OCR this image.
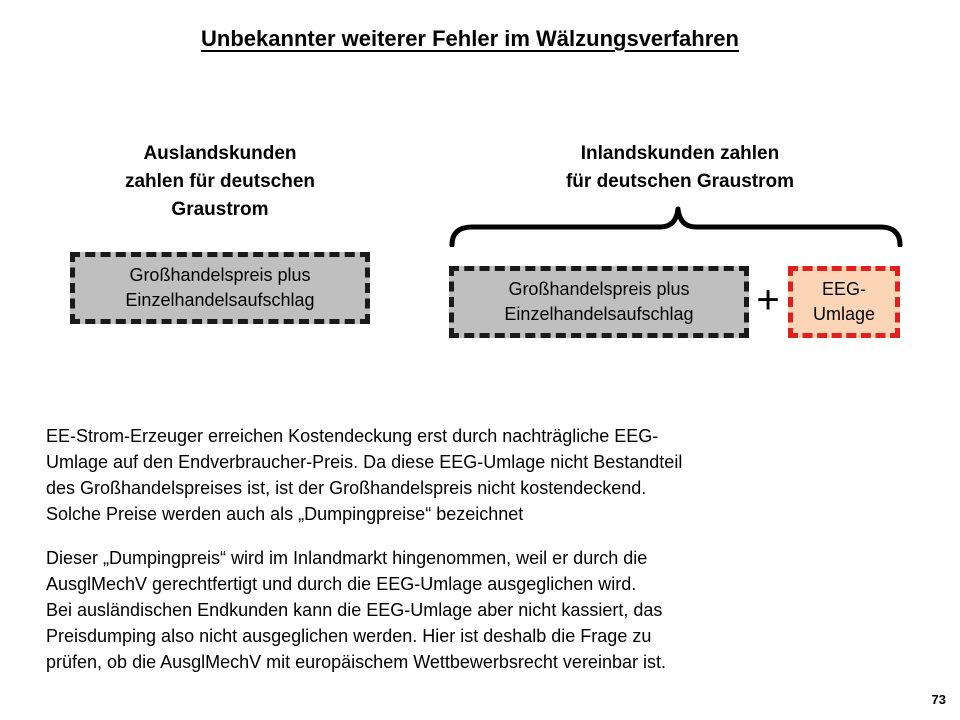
Unbekannter weiterer Fehler im Wälzungsverfahren
Auslandskunden
zahlen für deutschen
Graustrom
Inlandskunden zahlen
für deutschen Graustrom
Großhandelspreis plus
Einzelhandelsaufschlag
Großhandelspreis plus
Einzelhandelsaufschlag +	EEG-
Umlage
EE-Strom-Erzeuger erreichen Kostendeckung erst durch nachträgliche EEG-
Umlage auf den Endverbraucher-Preis. Da diese EEG-Umlage nicht Bestandteil
des Großhandelspreises ist, ist der Großhandelspreis nicht kostendeckend.
Solche Preise werden auch als „Dumpingpreise“ bezeichnet
Dieser „Dumpingpreis“ wird im Inlandmarkt hingenommen, weil er durch die
AusglMechV gerechtfertigt und durch die EEG-Umlage ausgeglichen wird.
Bei ausländischen Endkunden kann die EEG-Umlage aber nicht kassiert, das
Preisdumping also nicht ausgeglichen werden. Hier ist deshalb die Frage zu
prüfen, ob die AusglMechV mit europäischem Wettbewerbsrecht vereinbar ist.
73
